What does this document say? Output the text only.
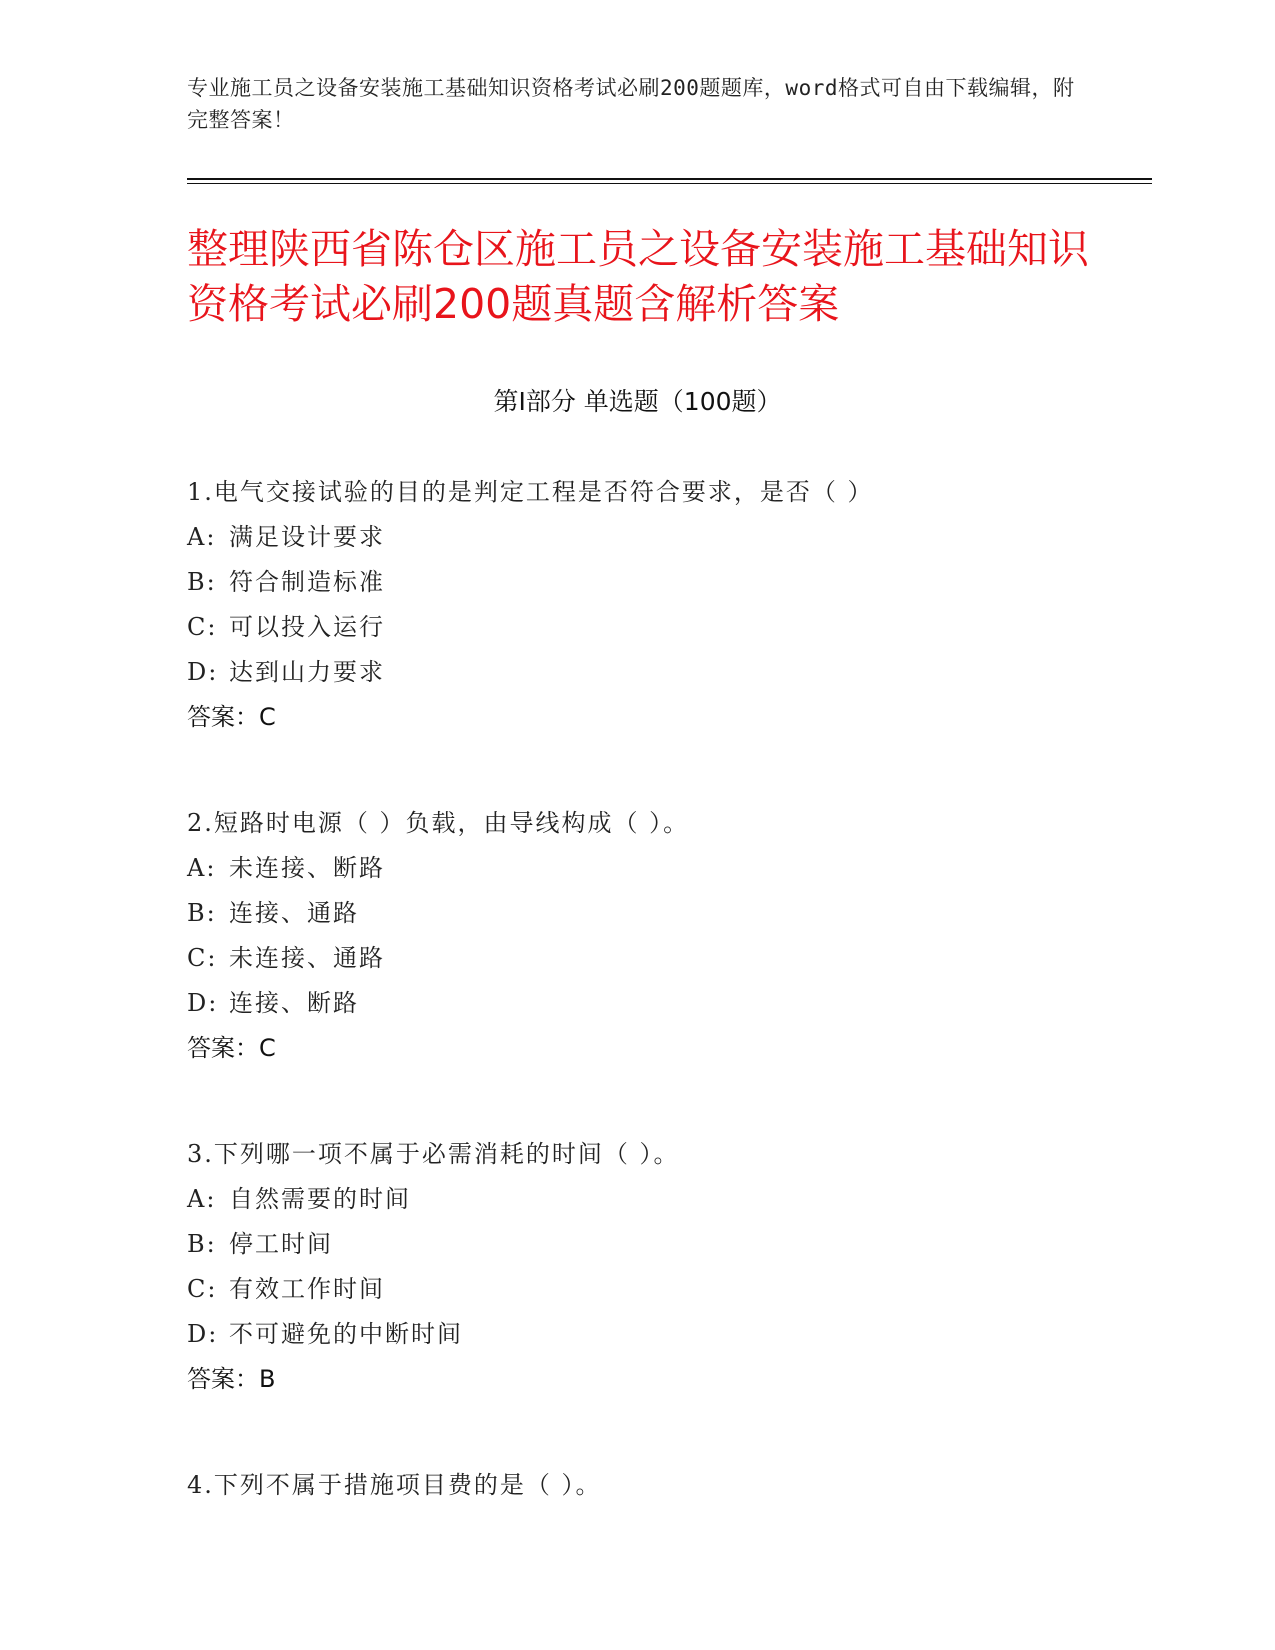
专业施工员之设备安装施工基础知识资格考试必刷200题题库，word格式可自由下载编辑，附完整答案！
整理陕西省陈仓区施工员之设备安装施工基础知识资格考试必刷200题真题含解析答案
第Ⅰ部分 单选题（100题）
1.电气交接试验的目的是判定工程是否符合要求，是否（ ）
A: 满足设计要求
B: 符合制造标准
C: 可以投入运行
D: 达到山力要求
答案：C
2.短路时电源（ ）负载，由导线构成（ ）。
A: 未连接、断路
B: 连接、通路
C: 未连接、通路
D: 连接、断路
答案：C
3.下列哪一项不属于必需消耗的时间（ ）。
A: 自然需要的时间
B: 停工时间
C: 有效工作时间
D: 不可避免的中断时间
答案：B
4.下列不属于措施项目费的是（ ）。
